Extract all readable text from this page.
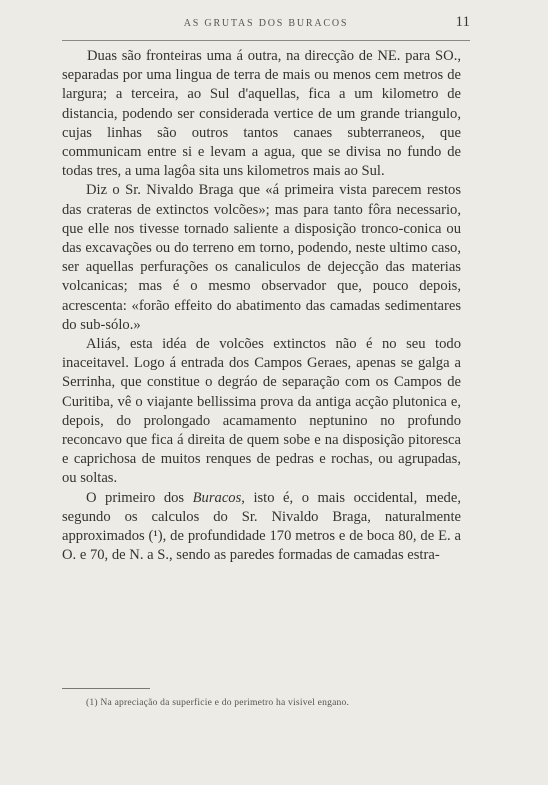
AS GRUTAS DOS BURACOS	11

Duas são fronteiras uma á outra, na direcção de NE. para SO., separadas por uma lingua de terra de mais ou menos cem metros de largura; a terceira, ao Sul d'aquellas, fica a um kilometro de distancia, podendo ser considerada vertice de um grande triangulo, cujas linhas são outros tantos canaes subterraneos, que communicam entre si e levam a agua, que se divisa no fundo de todas tres, a uma lagôa sita uns kilometros mais ao Sul.

Diz o Sr. Nivaldo Braga que «á primeira vista parecem restos das crateras de extinctos volcões»; mas para tanto fôra necessario, que elle nos tivesse tornado saliente a disposição tronco-conica ou das excavações ou do terreno em torno, podendo, neste ultimo caso, ser aquellas perfurações os canaliculos de dejecção das materias volcanicas; mas é o mesmo observador que, pouco depois, acrescenta: «forão effeito do abatimento das camadas sedimentares do sub-sólo.»

Aliás, esta idéa de volcões extinctos não é no seu todo inaceitavel. Logo á entrada dos Campos Geraes, apenas se galga a Serrinha, que constitue o degráo de separação com os Campos de Curitiba, vê o viajante bellissima prova da antiga acção plutonica e, depois, do prolongado acamamento neptunino no profundo reconcavo que fica á direita de quem sobe e na disposição pitoresca e caprichosa de muitos renques de pedras e rochas, ou agrupadas, ou soltas.

O primeiro dos Buracos, isto é, o mais occidental, mede, segundo os calculos do Sr. Nivaldo Braga, naturalmente approximados (¹), de profundidade 170 metros e de boca 80, de E. a O. e 70, de N. a S., sendo as paredes formadas de camadas estra-

(1) Na apreciação da superficie e do perimetro ha visivel engano.
